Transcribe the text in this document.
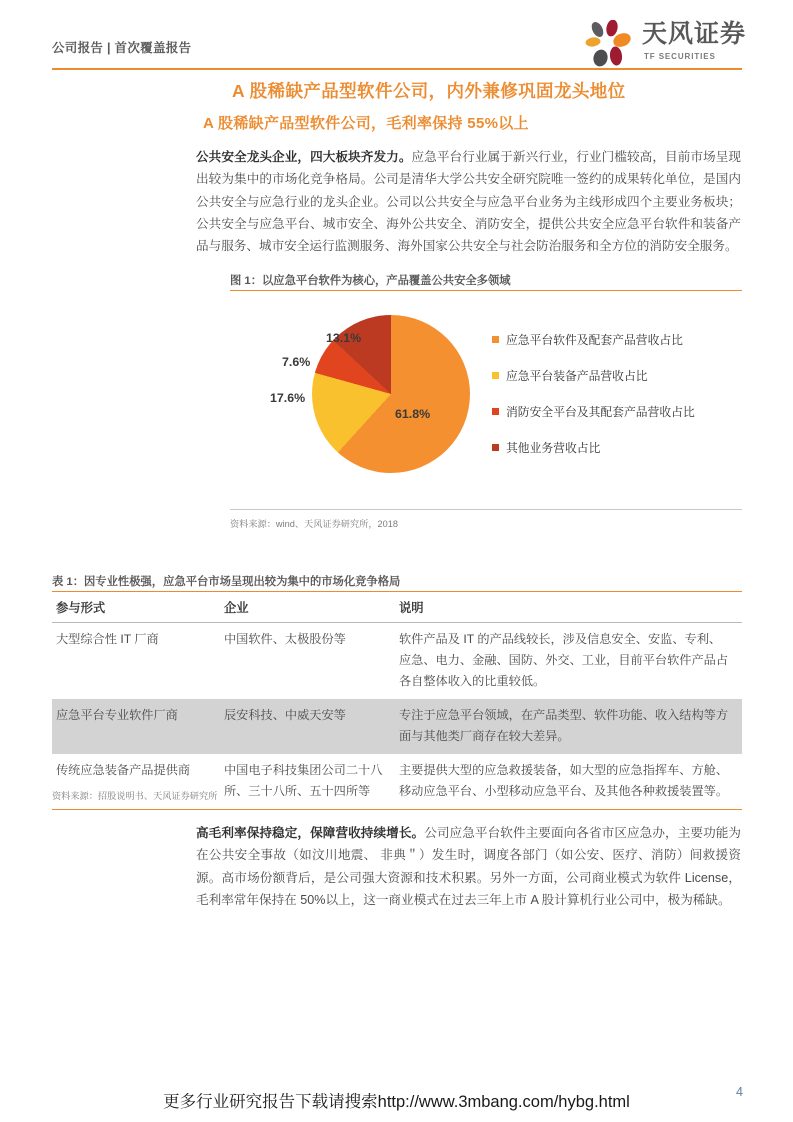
公司报告 | 首次覆盖报告	天风证券
TF SECURITIES
A 股稀缺产品型软件公司，内外兼修巩固龙头地位
A 股稀缺产品型软件公司，毛利率保持 55%以上
公共安全龙头企业，四大板块齐发力。应急平台行业属于新兴行业，行业门槛较高，目前市场呈现出较为集中的市场化竞争格局。公司是清华大学公共安全研究院唯一签约的成果转化单位，是国内公共安全与应急行业的龙头企业。公司以公共安全与应急平台业务为主线形成四个主要业务板块；公共安全与应急平台、城市安全、海外公共安全、消防安全，提供公共安全应急平台软件和装备产品与服务、城市安全运行监测服务、海外国家公共安全与社会防治服务和全方位的消防安全服务。
图 1：以应急平台软件为核心，产品覆盖公共安全多领域
61.8%
17.6%
7.6%
13.1%	应急平台软件及配套产品营收占比
应急平台装备产品营收占比
消防安全平台及其配套产品营收占比
其他业务营收占比
资料来源：wind、天风证券研究所，2018
表 1：因专业性极强，应急平台市场呈现出较为集中的市场化竞争格局
参与形式	企业	说明
大型综合性 IT 厂商	中国软件、太极股份等	软件产品及 IT 的产品线较长，涉及信息安全、安监、专利、应急、电力、金融、国防、外交、工业，目前平台软件产品占各自整体收入的比重较低。
应急平台专业软件厂商	辰安科技、中威天安等	专注于应急平台领域，在产品类型、软件功能、收入结构等方面与其他类厂商存在较大差异。
传统应急装备产品提供商	中国电子科技集团公司二十八所、三十八所、五十四所等	主要提供大型的应急救援装备，如大型的应急指挥车、方舱、移动应急平台、小型移动应急平台、及其他各种救援装置等。
资料来源：招股说明书、天风证券研究所
高毛利率保持稳定，保障营收持续增长。公司应急平台软件主要面向各省市区应急办，主要功能为在公共安全事故（如汶川地震、 非典＂）发生时，调度各部门（如公安、医疗、消防）间救援资源。高市场份额背后，是公司强大资源和技术积累。另外一方面，公司商业模式为软件 License，毛利率常年保持在 50%以上，这一商业模式在过去三年上市 A 股计算机行业公司中，极为稀缺。
更多行业研究报告下载请搜索http://www.3mbang.com/hybg.html
4
